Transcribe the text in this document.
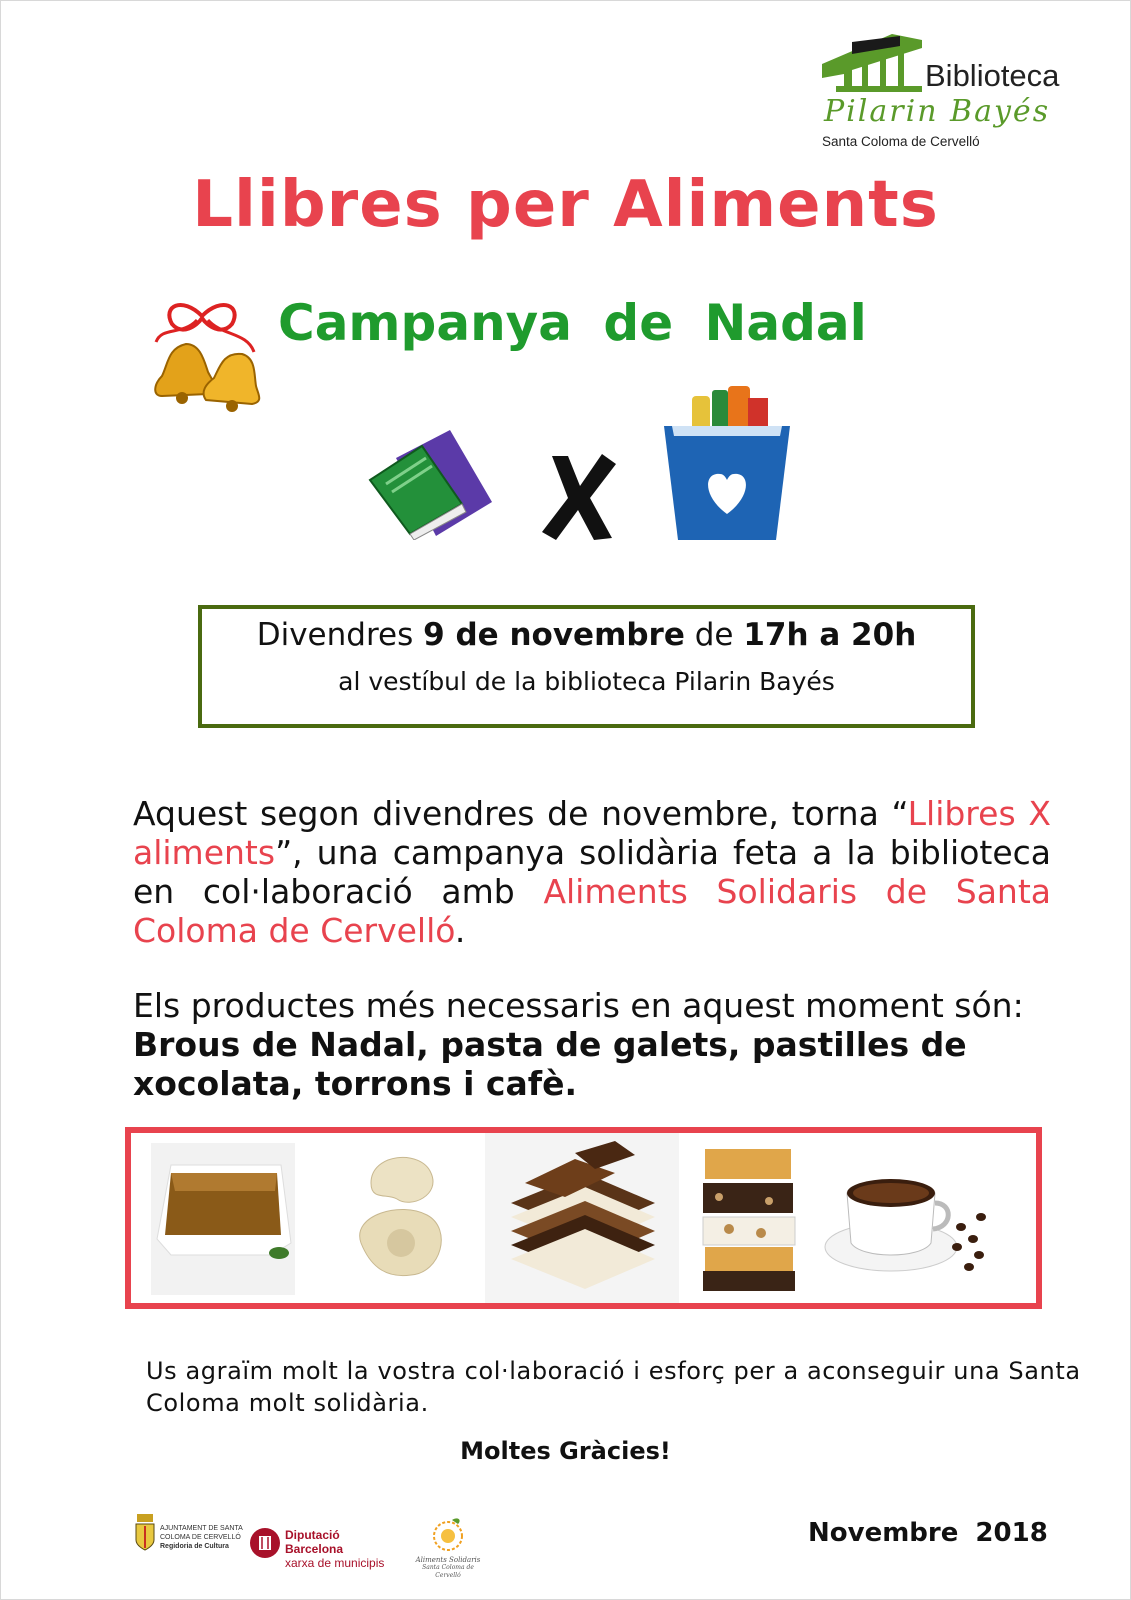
Biblioteca
Pilarin Bayés
Santa Coloma de Cervelló
Llibres per Aliments
Campanya de Nadal
Divendres 9 de novembre de 17h a 20h
al vestíbul de la biblioteca Pilarin Bayés
Aquest segon divendres de novembre, torna “Llibres X aliments”, una campanya solidària feta a la biblioteca en col·laboració amb Aliments Solidaris de Santa Coloma de Cervelló.
Els productes més necessaris en aquest moment són: Brous de Nadal, pasta de galets, pastilles de xocolata, torrons i cafè.
Us agraïm molt la vostra col·laboració i esforç per a aconseguir una Santa Coloma molt solidària.
Moltes Gràcies!
AJUNTAMENT DE SANTA
COLOMA DE CERVELLÓ
Regidoria de Cultura
Diputació
Barcelona
xarxa de municipis	Aliments Solidaris
Santa Coloma de Cervelló
Novembre 2018
